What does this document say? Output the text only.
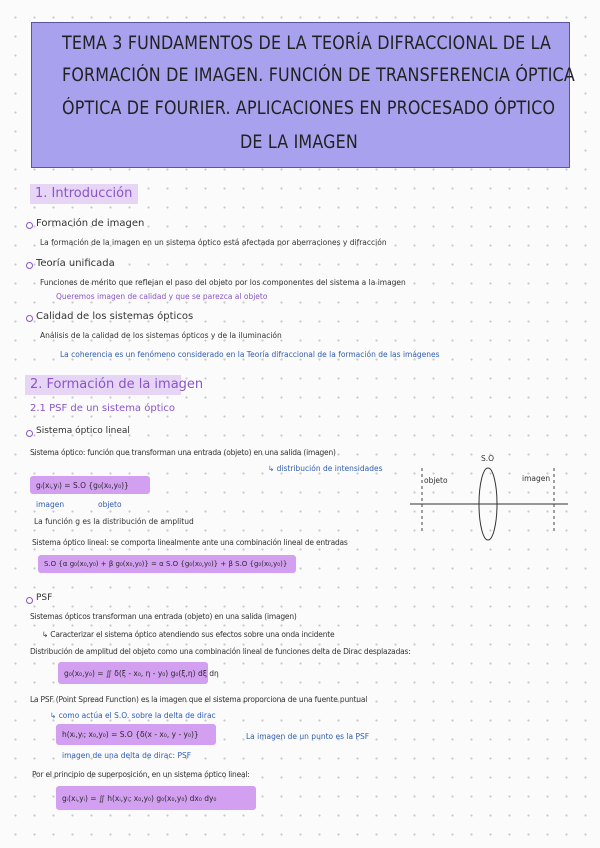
TEMA 3 FUNDAMENTOS DE LA TEORÍA DIFRACCIONAL DE LA
FORMACIÓN DE IMAGEN. FUNCIÓN DE TRANSFERENCIA ÓPTICA
ÓPTICA DE FOURIER. APLICACIONES EN PROCESADO ÓPTICO
DE LA IMAGEN
1. Introducción
Formación de imagen
La formación de la imagen en un sistema óptico está afectada por aberraciones y difracción
Teoría unificada
Funciones de mérito que reflejan el paso del objeto por los componentes del sistema a la imagen
Queremos imagen de calidad y que se parezca al objeto
Calidad de los sistemas ópticos
Análisis de la calidad de los sistemas ópticos y de la iluminación
La coherencia es un fenómeno considerado en la Teoría difraccional de la formación de las imágenes
2. Formación de la imagen
2.1 PSF de un sistema óptico
Sistema óptico lineal
Sistema óptico: función que transforman una entrada (objeto) en una salida (imagen)
↳ distribución de intensidades
gᵢ(xᵢ,yᵢ) = S.O {g₀(x₀,y₀)}
imagen	objeto
La función g es la distribución de amplitud
Sistema óptico lineal: se comporta linealmente ante una combinación lineal de entradas
S.O {α g₀(x₀,y₀) + β g₀(x₀,y₀)} = α S.O {g₀(x₀,y₀)} + β S.O {g₀(x₀,y₀)}
S.O
objeto	imagen
PSF
Sistemas ópticos transforman una entrada (objeto) en una salida (imagen)
↳ Caracterizar el sistema óptico atendiendo sus efectos sobre una onda incidente
Distribución de amplitud del objeto como una combinación lineal de funciones delta de Dirac desplazadas:
g₀(x₀,y₀) = ∬ δ(ξ - x₀, η - y₀) g₀(ξ,η) dξ dη
La PSF (Point Spread Function) es la imagen que el sistema proporciona de una fuente puntual
↳ como actúa el S.O. sobre la delta de dirac
h(xᵢ,yᵢ; x₀,y₀) = S.O {δ(x - x₀, y - y₀)}	La imagen de un punto es la PSF
imagen de una delta de dirac: PSF
Por el principio de superposición, en un sistema óptico lineal:
gᵢ(xᵢ,yᵢ) = ∬ h(xᵢ,yᵢ; x₀,y₀) g₀(x₀,y₀) dx₀ dy₀
